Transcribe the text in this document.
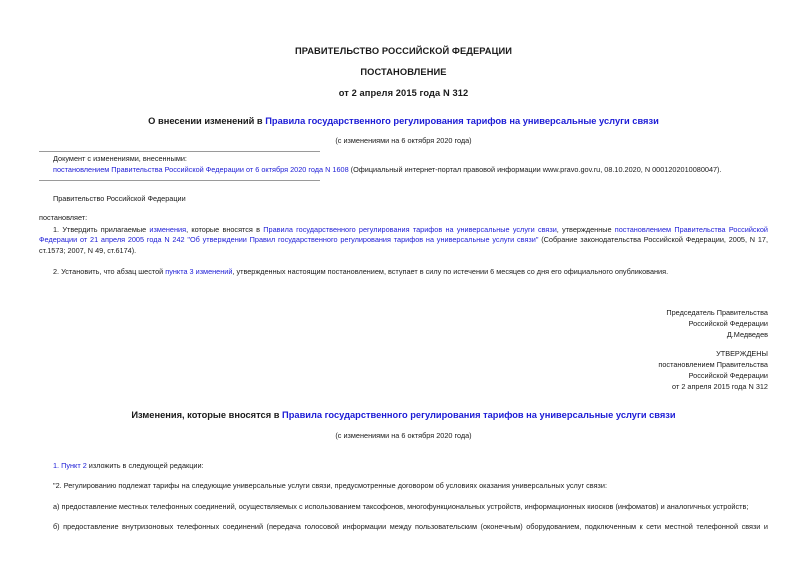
ПРАВИТЕЛЬСТВО РОССИЙСКОЙ ФЕДЕРАЦИИ
ПОСТАНОВЛЕНИЕ
от 2 апреля 2015 года N 312
О внесении изменений в Правила государственного регулирования тарифов на универсальные услуги связи
(с изменениями на 6 октября 2020 года)
Документ с изменениями, внесенными:
постановлением Правительства Российской Федерации от 6 октября 2020 года N 1608 (Официальный интернет-портал правовой информации www.pravo.gov.ru, 08.10.2020, N 0001202010080047).
Правительство Российской Федерации
постановляет:
1. Утвердить прилагаемые изменения, которые вносятся в Правила государственного регулирования тарифов на универсальные услуги связи, утвержденные постановлением Правительства Российской Федерации от 21 апреля 2005 года N 242 "Об утверждении Правил государственного регулирования тарифов на универсальные услуги связи" (Собрание законодательства Российской Федерации, 2005, N 17, ст.1573; 2007, N 49, ст.6174).
2. Установить, что абзац шестой пункта 3 изменений, утвержденных настоящим постановлением, вступает в силу по истечении 6 месяцев со дня его официального опубликования.
Председатель Правительства
Российской Федерации
Д.Медведев
УТВЕРЖДЕНЫ
постановлением Правительства
Российской Федерации
от 2 апреля 2015 года N 312
Изменения, которые вносятся в Правила государственного регулирования тарифов на универсальные услуги связи
(с изменениями на 6 октября 2020 года)
1. Пункт 2 изложить в следующей редакции:
"2. Регулированию подлежат тарифы на следующие универсальные услуги связи, предусмотренные договором об условиях оказания универсальных услуг связи:
а) предоставление местных телефонных соединений, осуществляемых с использованием таксофонов, многофункциональных устройств, информационных киосков (инфоматов) и аналогичных устройств;
б) предоставление внутризоновых телефонных соединений (передача голосовой информации между пользовательским (оконечным) оборудованием, подключенным к сети местной телефонной связи и
